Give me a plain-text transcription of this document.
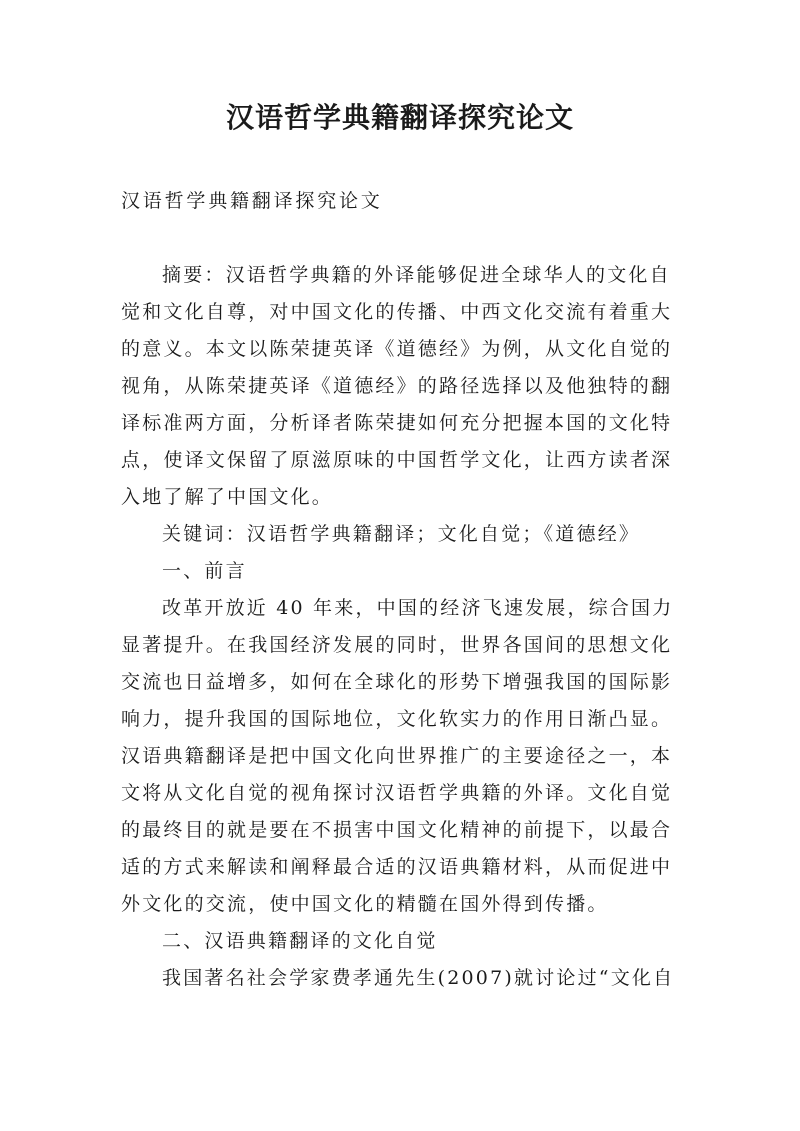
汉语哲学典籍翻译探究论文
汉语哲学典籍翻译探究论文
摘要：汉语哲学典籍的外译能够促进全球华人的文化自
觉和文化自尊，对中国文化的传播、中西文化交流有着重大
的意义。本文以陈荣捷英译《道德经》为例，从文化自觉的
视角，从陈荣捷英译《道德经》的路径选择以及他独特的翻
译标准两方面，分析译者陈荣捷如何充分把握本国的文化特
点，使译文保留了原滋原味的中国哲学文化，让西方读者深
入地了解了中国文化。
关键词：汉语哲学典籍翻译；文化自觉；《道德经》
一、前言
改革开放近 40 年来，中国的经济飞速发展，综合国力
显著提升。在我国经济发展的同时，世界各国间的思想文化
交流也日益增多，如何在全球化的形势下增强我国的国际影
响力，提升我国的国际地位，文化软实力的作用日渐凸显。
汉语典籍翻译是把中国文化向世界推广的主要途径之一，本
文将从文化自觉的视角探讨汉语哲学典籍的外译。文化自觉
的最终目的就是要在不损害中国文化精神的前提下，以最合
适的方式来解读和阐释最合适的汉语典籍材料，从而促进中
外文化的交流，使中国文化的精髓在国外得到传播。
二、汉语典籍翻译的文化自觉
我国著名社会学家费孝通先生(2007)就讨论过“文化自
